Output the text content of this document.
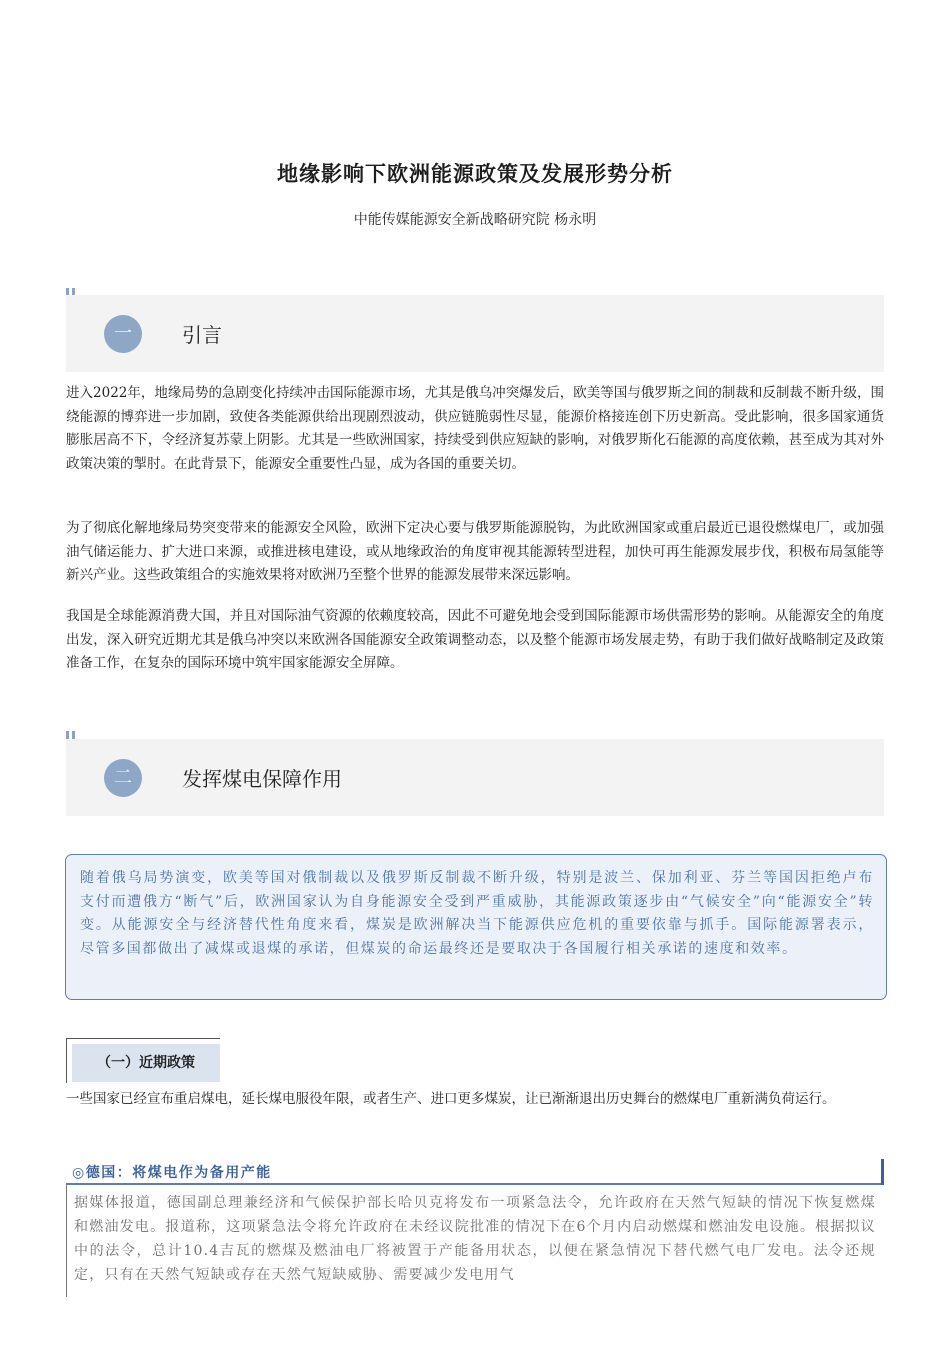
地缘影响下欧洲能源政策及发展形势分析
中能传媒能源安全新战略研究院 杨永明
一	引言

进入2022年，地缘局势的急剧变化持续冲击国际能源市场，尤其是俄乌冲突爆发后，欧美等国与俄罗斯之间的制裁和反制裁不断升级，围绕能源的博弈进一步加剧，致使各类能源供给出现剧烈波动，供应链脆弱性尽显，能源价格接连创下历史新高。受此影响，很多国家通货膨胀居高不下，令经济复苏蒙上阴影。尤其是一些欧洲国家，持续受到供应短缺的影响，对俄罗斯化石能源的高度依赖，甚至成为其对外政策决策的掣肘。在此背景下，能源安全重要性凸显，成为各国的重要关切。

为了彻底化解地缘局势突变带来的能源安全风险，欧洲下定决心要与俄罗斯能源脱钩，为此欧洲国家或重启最近已退役燃煤电厂，或加强油气储运能力、扩大进口来源，或推进核电建设，或从地缘政治的角度审视其能源转型进程，加快可再生能源发展步伐，积极布局氢能等新兴产业。这些政策组合的实施效果将对欧洲乃至整个世界的能源发展带来深远影响。

我国是全球能源消费大国，并且对国际油气资源的依赖度较高，因此不可避免地会受到国际能源市场供需形势的影响。从能源安全的角度出发，深入研究近期尤其是俄乌冲突以来欧洲各国能源安全政策调整动态，以及整个能源市场发展走势，有助于我们做好战略制定及政策准备工作，在复杂的国际环境中筑牢国家能源安全屏障。

二	发挥煤电保障作用

随着俄乌局势演变，欧美等国对俄制裁以及俄罗斯反制裁不断升级，特别是波兰、保加利亚、芬兰等国因拒绝卢布支付而遭俄方“断气”后，欧洲国家认为自身能源安全受到严重威胁，其能源政策逐步由“气候安全”向“能源安全”转变。从能源安全与经济替代性角度来看，煤炭是欧洲解决当下能源供应危机的重要依靠与抓手。国际能源署表示，尽管多国都做出了减煤或退煤的承诺，但煤炭的命运最终还是要取决于各国履行相关承诺的速度和效率。

（一）近期政策

一些国家已经宣布重启煤电，延长煤电服役年限，或者生产、进口更多煤炭，让已渐渐退出历史舞台的燃煤电厂重新满负荷运行。

◎德国：将煤电作为备用产能

据媒体报道，德国副总理兼经济和气候保护部长哈贝克将发布一项紧急法令，允许政府在天然气短缺的情况下恢复燃煤和燃油发电。报道称，这项紧急法令将允许政府在未经议院批准的情况下在6个月内启动燃煤和燃油发电设施。根据拟议中的法令，总计10.4吉瓦的燃煤及燃油电厂将被置于产能备用状态，以便在紧急情况下替代燃气电厂发电。法令还规定，只有在天然气短缺或存在天然气短缺威胁、需要减少发电用气
